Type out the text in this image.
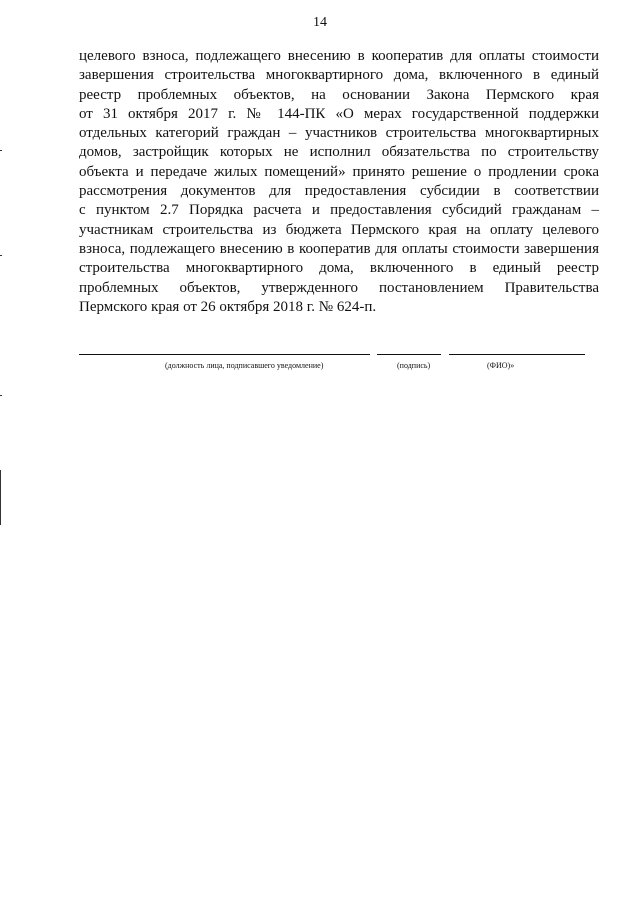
14

целевого взноса, подлежащего внесению в кооператив для оплаты стоимости
завершения строительства многоквартирного дома, включенного в единый
реестр проблемных объектов, на основании Закона Пермского края
от 31 октября 2017 г. № 144-ПК «О мерах государственной поддержки
отдельных категорий граждан – участников строительства многоквартирных
домов, застройщик которых не исполнил обязательства по строительству
объекта и передаче жилых помещений» принято решение о продлении срока
рассмотрения документов для предоставления субсидии в соответствии
с пунктом 2.7 Порядка расчета и предоставления субсидий гражданам –
участникам строительства из бюджета Пермского края на оплату целевого
взноса, подлежащего внесению в кооператив для оплаты стоимости завершения
строительства многоквартирного дома, включенного в единый реестр
проблемных объектов, утвержденного постановлением Правительства
Пермского края от 26 октября 2018 г. № 624-п.

(должность лица, подписавшего уведомление)	(подпись)	(ФИО)»
